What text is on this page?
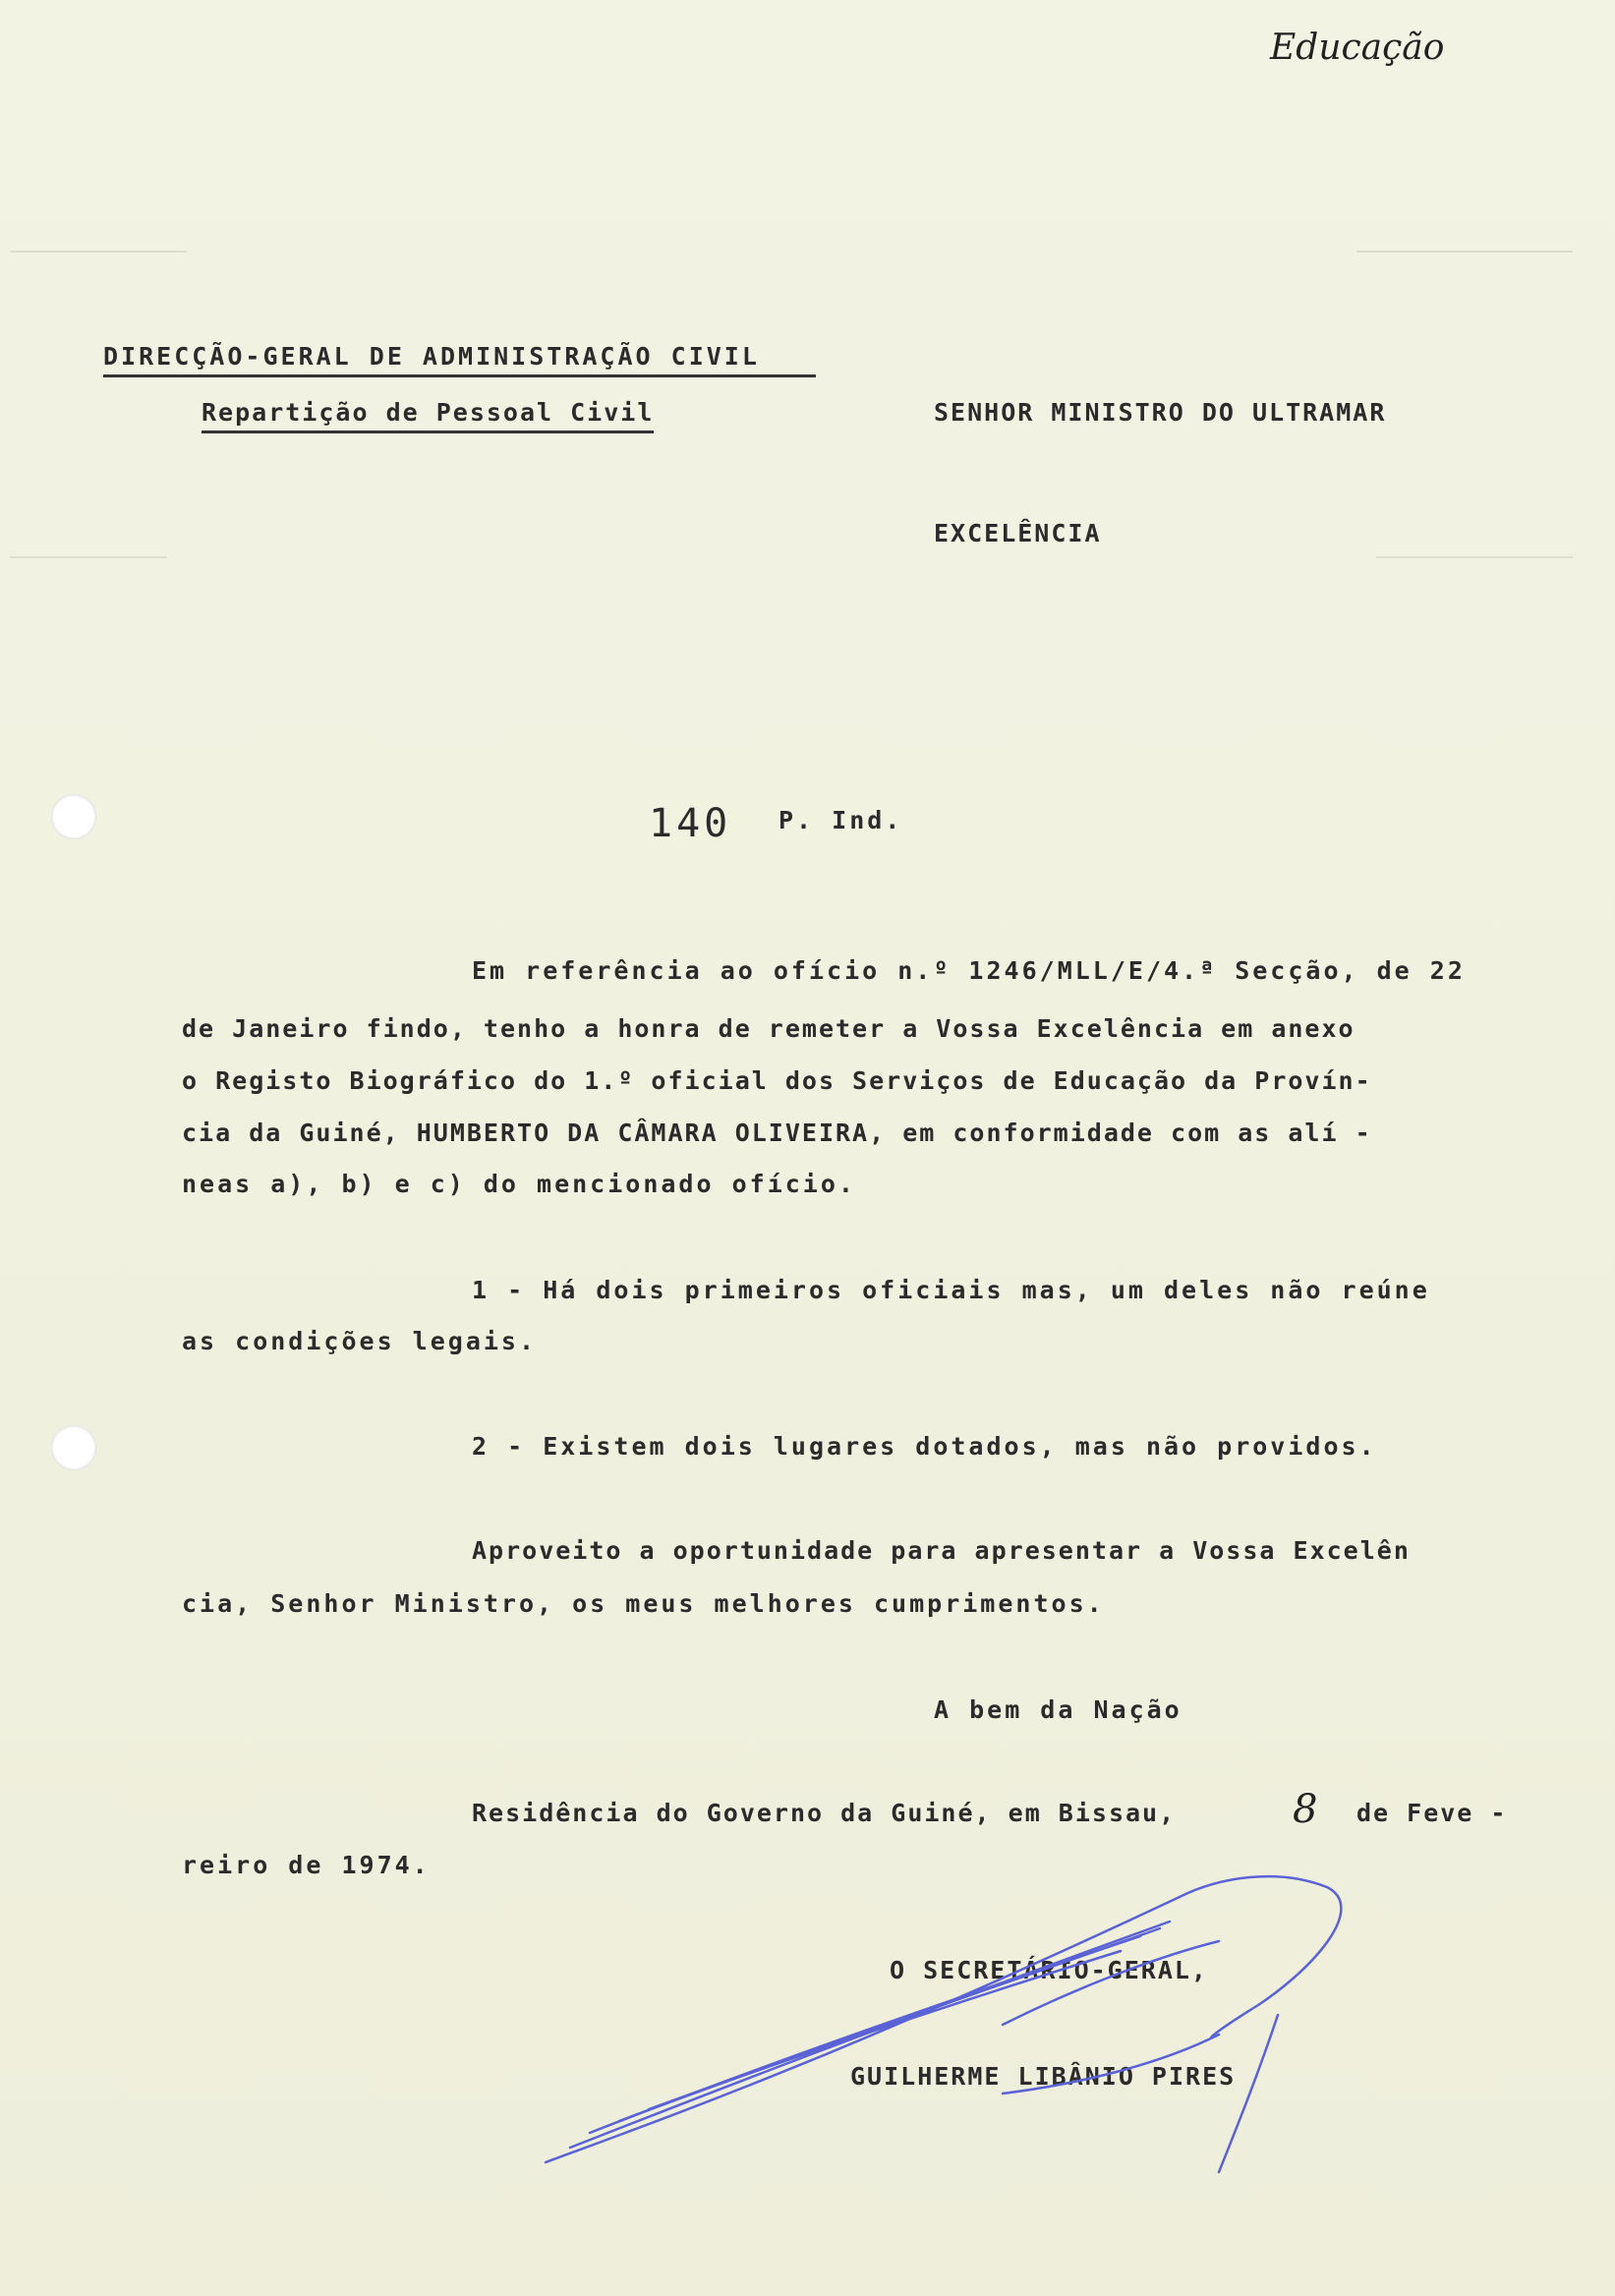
Educação
DIRECÇÃO-GERAL DE ADMINISTRAÇÃO CIVIL
Repartição de Pessoal Civil	SENHOR MINISTRO DO ULTRAMAR
EXCELÊNCIA
140 P. Ind.
Em referência ao ofício n.º 1246/MLL/E/4.ª Secção, de 22
de Janeiro findo, tenho a honra de remeter a Vossa Excelência em anexo
o Registo Biográfico do 1.º oficial dos Serviços de Educação da Provín-
cia da Guiné, HUMBERTO DA CÂMARA OLIVEIRA, em conformidade com as alí -
neas a), b) e c) do mencionado ofício.
1 - Há dois primeiros oficiais mas, um deles não reúne
as condições legais.
2 - Existem dois lugares dotados, mas não providos.
Aproveito a oportunidade para apresentar a Vossa Excelên
cia, Senhor Ministro, os meus melhores cumprimentos.
A bem da Nação
Residência do Governo da Guiné, em Bissau,	8 de Feve -
reiro de 1974.
O SECRETÁRIO-GERAL,
GUILHERME LIBÂNIO PIRES
